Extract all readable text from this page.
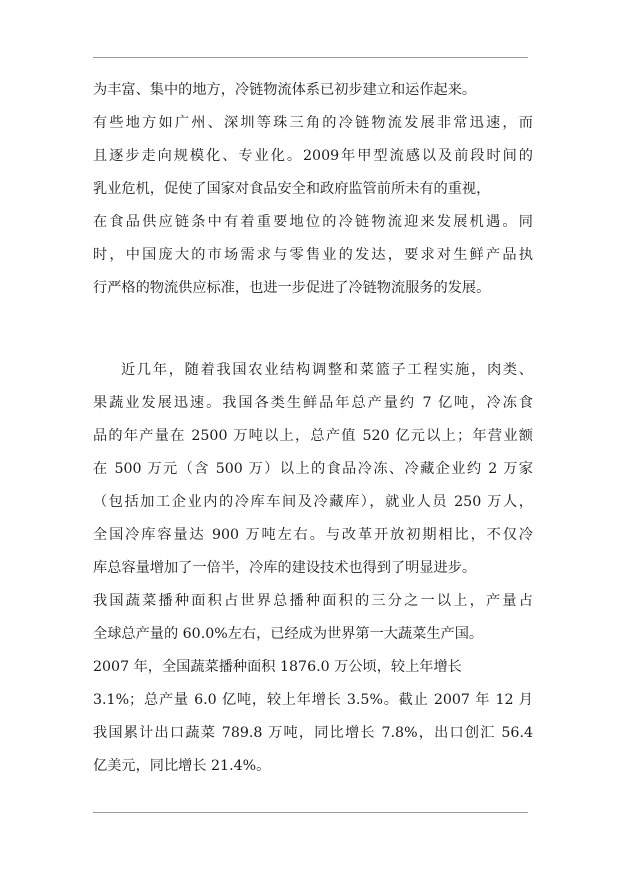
为丰富、集中的地方，冷链物流体系已初步建立和运作起来。
有些地方如广州、深圳等珠三角的冷链物流发展非常迅速，而
且逐步走向规模化、专业化。2009年甲型流感以及前段时间的
乳业危机，促使了国家对食品安全和政府监管前所未有的重视，
在食品供应链条中有着重要地位的冷链物流迎来发展机遇。同
时，中国庞大的市场需求与零售业的发达，要求对生鲜产品执
行严格的物流供应标准，也进一步促进了冷链物流服务的发展。
近几年，随着我国农业结构调整和菜篮子工程实施，肉类、
果蔬业发展迅速。我国各类生鲜品年总产量约 7 亿吨，冷冻食
品的年产量在 2500 万吨以上，总产值 520 亿元以上；年营业额
在 500 万元（含 500 万）以上的食品冷冻、冷藏企业约 2 万家
（包括加工企业内的冷库车间及冷藏库），就业人员 250 万人，
全国冷库容量达 900 万吨左右。与改革开放初期相比，不仅冷
库总容量增加了一倍半，冷库的建设技术也得到了明显进步。
我国蔬菜播种面积占世界总播种面积的三分之一以上，产量占
全球总产量的 60.0%左右，已经成为世界第一大蔬菜生产国。
2007 年，全国蔬菜播种面积 1876.0 万公顷，较上年增长
3.1%；总产量 6.0 亿吨，较上年增长 3.5%。截止 2007 年 12 月
我国累计出口蔬菜 789.8 万吨，同比增长 7.8%，出口创汇 56.4
亿美元，同比增长 21.4%。
